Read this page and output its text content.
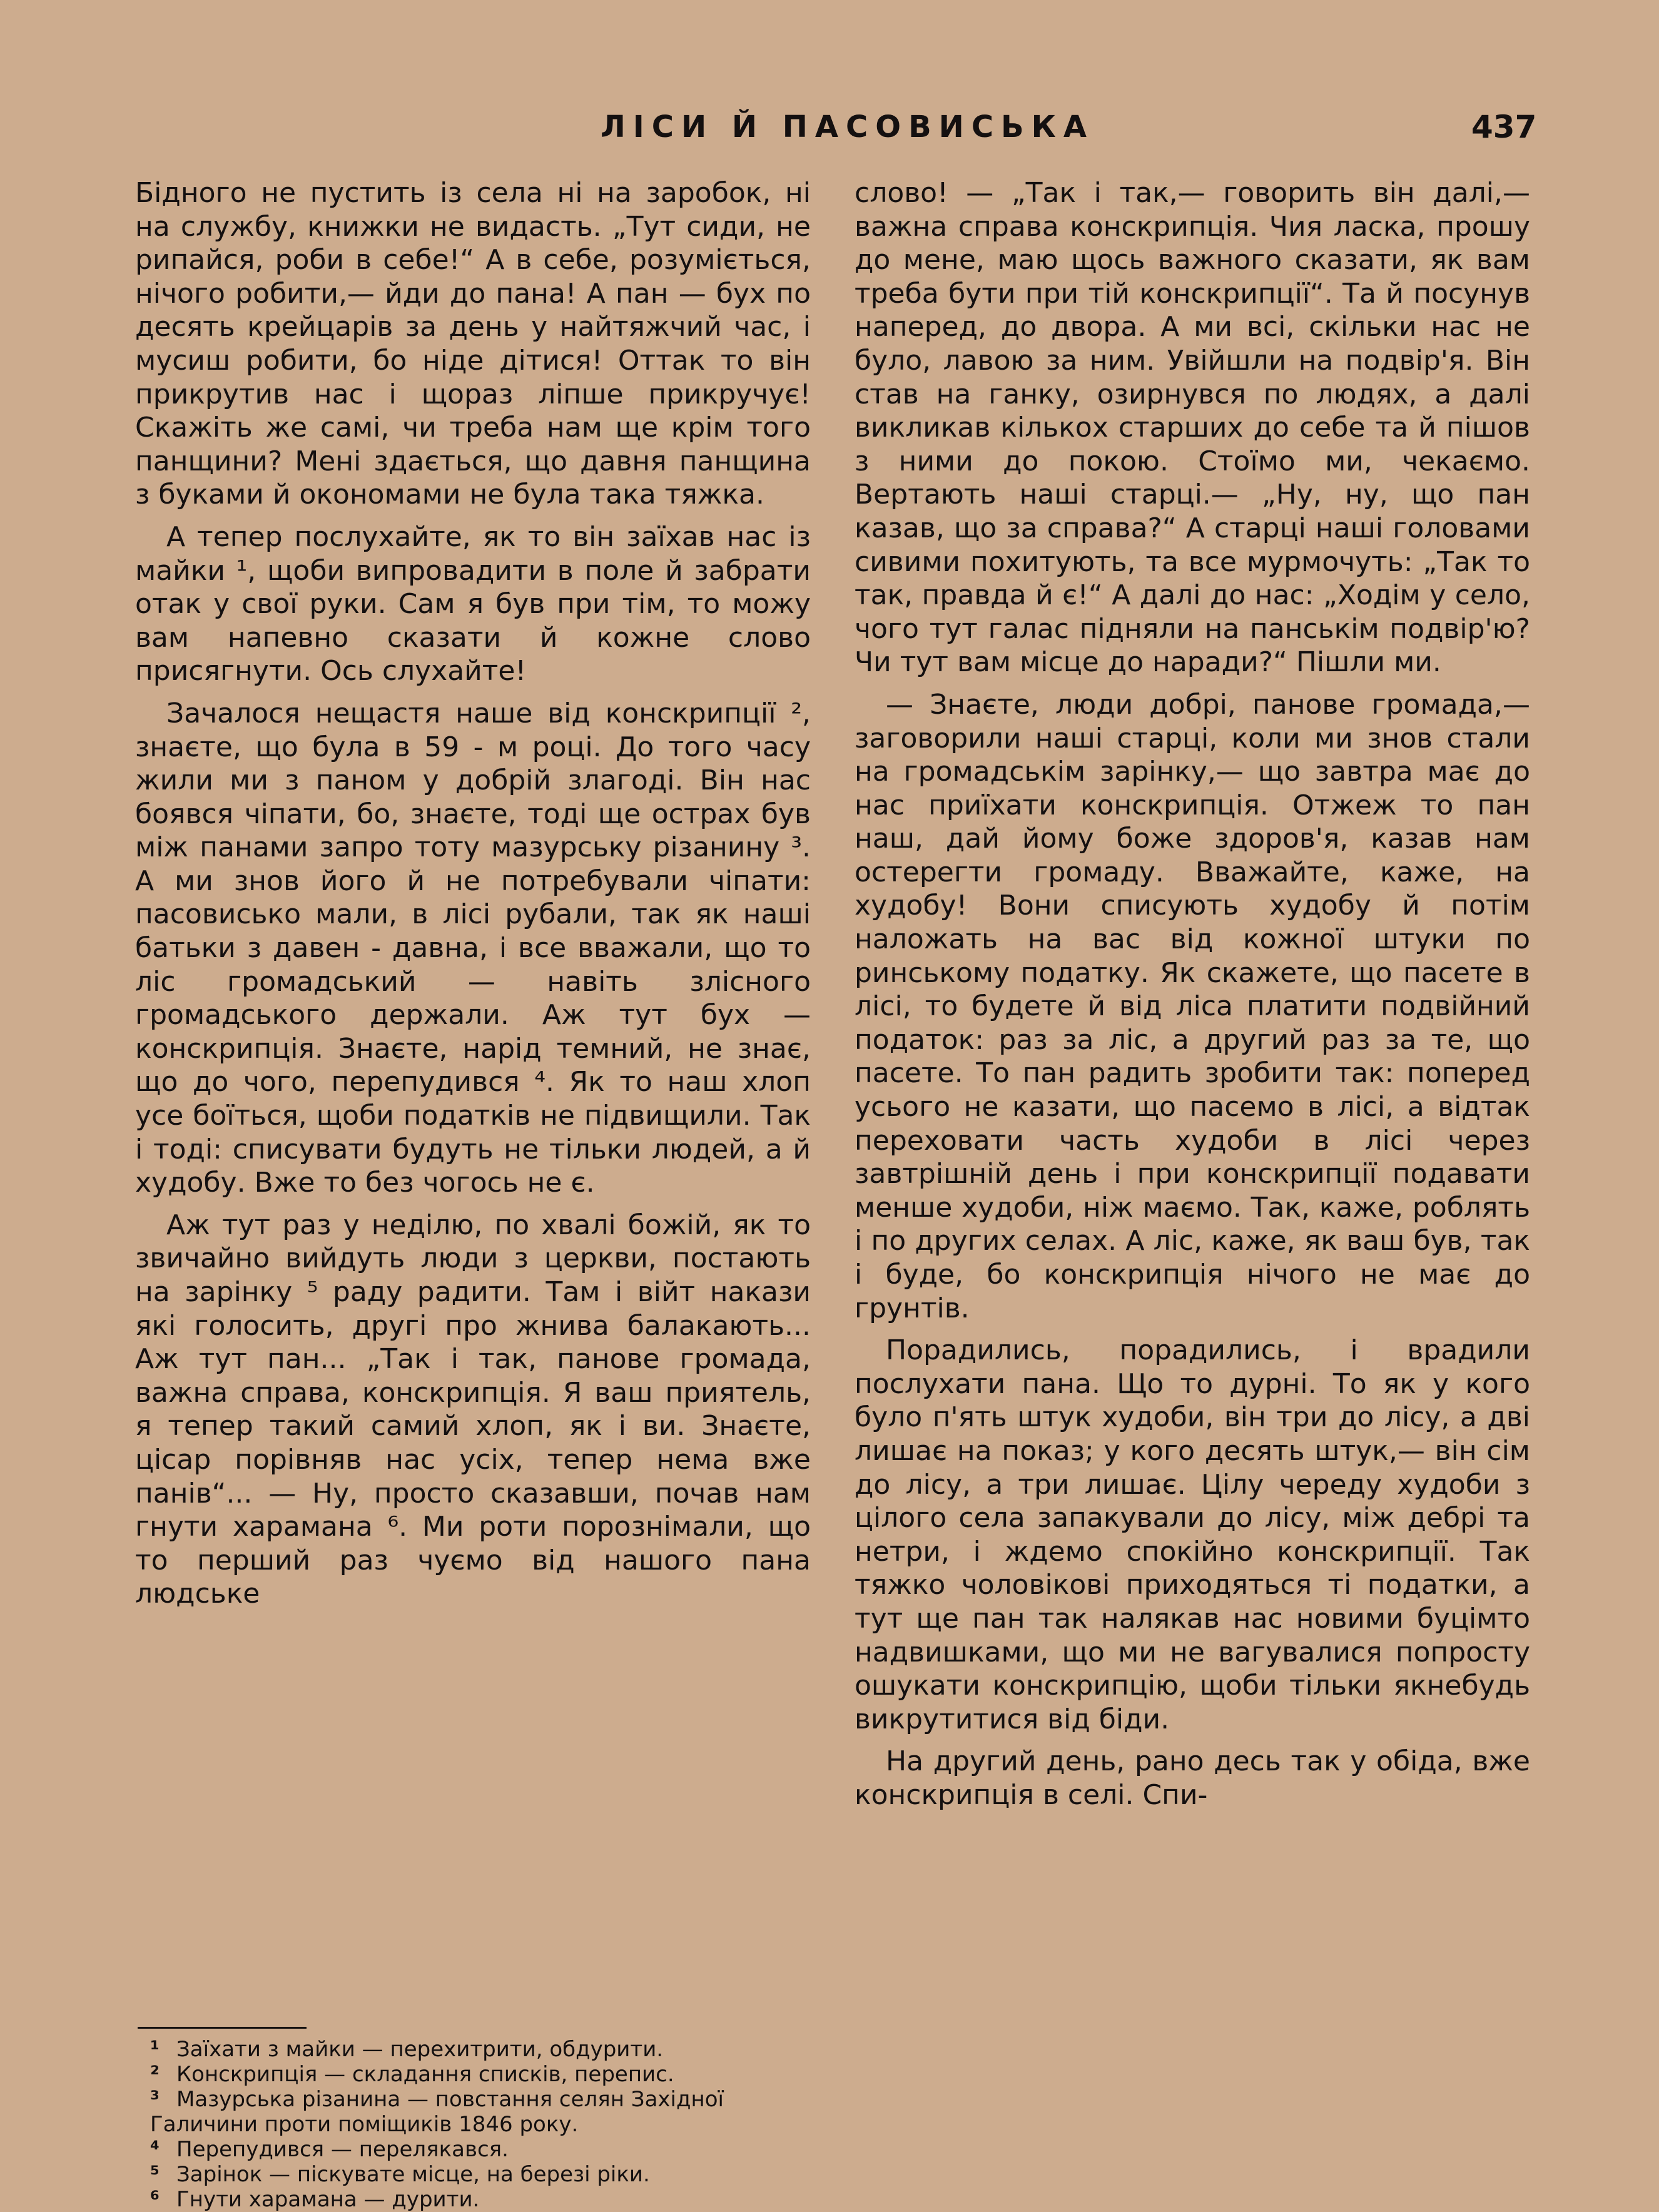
ЛІСИ Й ПАСОВИСЬКА	437

Бідного не пустить із села ні на заробок, ні на службу, книжки не видасть. „Тут сиди, не рипайся, роби в себе!“ А в себе, розуміється, нічого робити,— йди до пана! А пан — бух по десять крейцарів за день у найтяжчий час, і мусиш робити, бо ніде дітися! Оттак то він прикрутив нас і щораз ліпше прикручує! Скажіть же самі, чи треба нам ще крім того панщини? Мені здається, що давня панщина з буками й окономами не була така тяжка.

А тепер послухайте, як то він заїхав нас із майки ¹, щоби випровадити в поле й забрати отак у свої руки. Сам я був при тім, то можу вам напевно сказати й кожне слово присягнути. Ось слухайте!

Зачалося нещастя наше від конскрипції ², знаєте, що була в 59 - м році. До того часу жили ми з паном у добрій злагоді. Він нас боявся чіпати, бо, знаєте, тоді ще острах був між панами запро тоту мазурську різанину ³. А ми знов його й не потребували чіпати: пасовисько мали, в лісі рубали, так як наші батьки з давен - давна, і все вважали, що то ліс громадський — навіть злісного громадського держали. Аж тут бух — конскрипція. Знаєте, нарід темний, не знає, що до чого, перепудився ⁴. Як то наш хлоп усе боїться, щоби податків не підвищили. Так і тоді: списувати будуть не тільки людей, а й худобу. Вже то без чогось не є.

Аж тут раз у неділю, по хвалі божій, як то звичайно вийдуть люди з церкви, постають на зарінку ⁵ раду радити. Там і війт накази які голосить, другі про жнива балакають... Аж тут пан... „Так і так, панове громада, важна справа, конскрипція. Я ваш приятель, я тепер такий самий хлоп, як і ви. Знаєте, цісар порівняв нас усіх, тепер нема вже панів“... — Ну, просто сказавши, почав нам гнути харамана ⁶. Ми роти порознімали, що то перший раз чуємо від нашого пана людське

слово! — „Так і так,— говорить він далі,— важна справа конскрипція. Чия ласка, прошу до мене, маю щось важного сказати, як вам треба бути при тій конскрипції“. Та й посунув наперед, до двора. А ми всі, скільки нас не було, лавою за ним. Увійшли на подвір'я. Він став на ганку, озирнувся по людях, а далі викликав кількох старших до себе та й пішов з ними до покою. Стоїмо ми, чекаємо. Вертають наші старці.— „Ну, ну, що пан казав, що за справа?“ А старці наші головами сивими похитують, та все мурмочуть: „Так то так, правда й є!“ А далі до нас: „Ходім у село, чого тут галас підняли на панськім подвір'ю? Чи тут вам місце до наради?“ Пішли ми.

— Знаєте, люди добрі, панове громада,— заговорили наші старці, коли ми знов стали на громадськім зарінку,— що завтра має до нас приїхати конскрипція. Отжеж то пан наш, дай йому боже здоров'я, казав нам остерегти громаду. Вважайте, каже, на худобу! Вони списують худобу й потім наложать на вас від кожної штуки по ринському податку. Як скажете, що пасете в лісі, то будете й від ліса платити подвійний податок: раз за ліс, а другий раз за те, що пасете. То пан радить зробити так: поперед усього не казати, що пасемо в лісі, а відтак переховати часть худоби в лісі через завтрішній день і при конскрипції подавати менше худоби, ніж маємо. Так, каже, роблять і по других селах. А ліс, каже, як ваш був, так і буде, бо конскрипція нічого не має до грунтів.

Порадились, порадились, і врадили послухати пана. Що то дурні. То як у кого було п'ять штук худоби, він три до лісу, а дві лишає на показ; у кого десять штук,— він сім до лісу, а три лишає. Цілу череду худоби з цілого села запакували до лісу, між дебрі та нетри, і ждемо спокійно конскрипції. Так тяжко чоловікові приходяться ті податки, а тут ще пан так налякав нас новими буцімто надвишками, що ми не вагувалися попросту ошукати конскрипцію, щоби тільки якнебудь викрутитися від біди.

На другий день, рано десь так у обіда, вже конскрипція в селі. Спи-

¹ Заїхати з майки — перехитрити, обдурити.
² Конскрипція — складання списків, перепис.
³ Мазурська різанина — повстання селян Західної Галичини проти поміщиків 1846 року.
⁴ Перепудився — перелякався.
⁵ Зарінок — піскувате місце, на березі ріки.
⁶ Гнути харамана — дурити.
